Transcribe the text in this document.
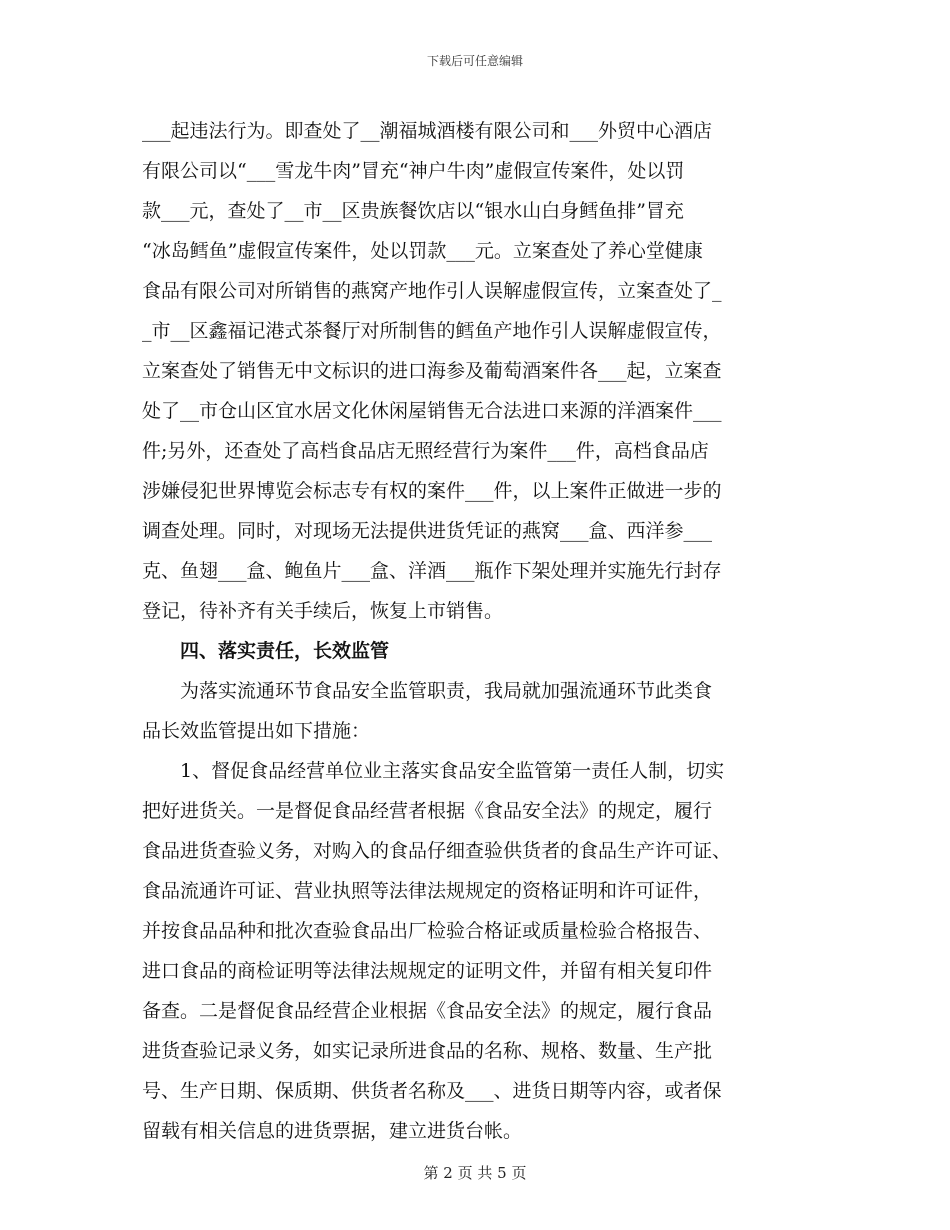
下载后可任意编辑
___起违法行为。即查处了__潮福城酒楼有限公司和___外贸中心酒店
有限公司以“___雪龙牛肉”冒充“神户牛肉”虚假宣传案件，处以罚
款___元，查处了__市__区贵族餐饮店以“银水山白身鳕鱼排”冒充
“冰岛鳕鱼”虚假宣传案件，处以罚款___元。立案查处了养心堂健康
食品有限公司对所销售的燕窝产地作引人误解虚假宣传，立案查处了_
_市__区鑫福记港式茶餐厅对所制售的鳕鱼产地作引人误解虚假宣传，
立案查处了销售无中文标识的进口海参及葡萄酒案件各___起，立案查
处了__市仓山区宜水居文化休闲屋销售无合法进口来源的洋酒案件___
件;另外，还查处了高档食品店无照经营行为案件___件，高档食品店
涉嫌侵犯世界博览会标志专有权的案件___件，以上案件正做进一步的
调查处理。同时，对现场无法提供进货凭证的燕窝___盒、西洋参___
克、鱼翅___盒、鲍鱼片___盒、洋酒___瓶作下架处理并实施先行封存
登记，待补齐有关手续后，恢复上市销售。
四、落实责任，长效监管
为落实流通环节食品安全监管职责，我局就加强流通环节此类食
品长效监管提出如下措施：
1、督促食品经营单位业主落实食品安全监管第一责任人制，切实
把好进货关。一是督促食品经营者根据《食品安全法》的规定，履行
食品进货查验义务，对购入的食品仔细查验供货者的食品生产许可证、
食品流通许可证、营业执照等法律法规规定的资格证明和许可证件，
并按食品品种和批次查验食品出厂检验合格证或质量检验合格报告、
进口食品的商检证明等法律法规规定的证明文件，并留有相关复印件
备查。二是督促食品经营企业根据《食品安全法》的规定，履行食品
进货查验记录义务，如实记录所进食品的名称、规格、数量、生产批
号、生产日期、保质期、供货者名称及___、进货日期等内容，或者保
留载有相关信息的进货票据，建立进货台帐。
第 2 页 共 5 页
